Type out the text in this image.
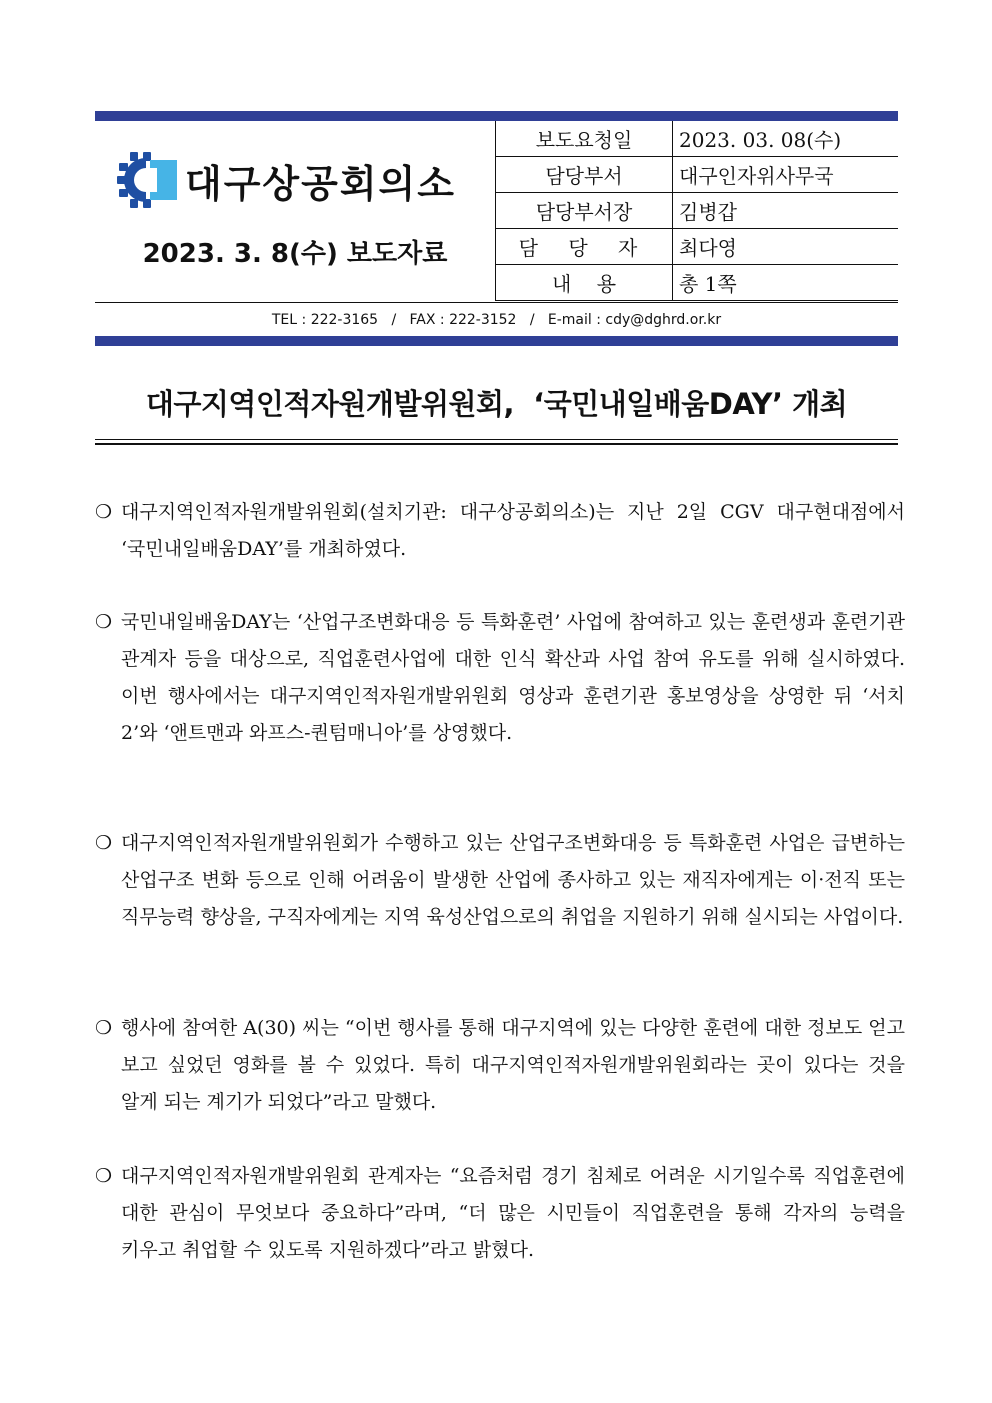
대구상공회의소
2023. 3. 8(수) 보도자료
보도요청일	2023. 03. 08(수)
담당부서	대구인자위사무국
담당부서장	김병갑
담 당 자	최다영
내    용	총 1쪽
TEL : 222-3165   /   FAX : 222-3152   /   E-mail : cdy@dghrd.or.kr
대구지역인적자원개발위원회,  ‘국민내일배움DAY’ 개최
❍ 대구지역인적자원개발위원회(설치기관: 대구상공회의소)는 지난 2일 CGV 대구현대점에서 ‘국민내일배움DAY’를 개최하였다.
❍ 국민내일배움DAY는 ‘산업구조변화대응 등 특화훈련’ 사업에 참여하고 있는 훈련생과 훈련기관 관계자 등을 대상으로, 직업훈련사업에 대한 인식 확산과 사업 참여 유도를 위해 실시하였다. 이번 행사에서는 대구지역인적자원개발위원회 영상과 훈련기관 홍보영상을 상영한 뒤 ‘서치 2’와 ‘앤트맨과 와프스-퀀텀매니아’를 상영했다.
❍ 대구지역인적자원개발위원회가 수행하고 있는 산업구조변화대응 등 특화훈련 사업은 급변하는 산업구조 변화 등으로 인해 어려움이 발생한 산업에 종사하고 있는 재직자에게는 이·전직 또는 직무능력 향상을, 구직자에게는 지역 육성산업으로의 취업을 지원하기 위해 실시되는 사업이다.
❍ 행사에 참여한 A(30) 씨는 “이번 행사를 통해 대구지역에 있는 다양한 훈련에 대한 정보도 얻고 보고 싶었던 영화를 볼 수 있었다. 특히 대구지역인적자원개발위원회라는 곳이 있다는 것을 알게 되는 계기가 되었다”라고 말했다.
❍ 대구지역인적자원개발위원회 관계자는 “요즘처럼 경기 침체로 어려운 시기일수록 직업훈련에 대한 관심이 무엇보다 중요하다”라며, “더 많은 시민들이 직업훈련을 통해 각자의 능력을 키우고 취업할 수 있도록 지원하겠다”라고 밝혔다.
